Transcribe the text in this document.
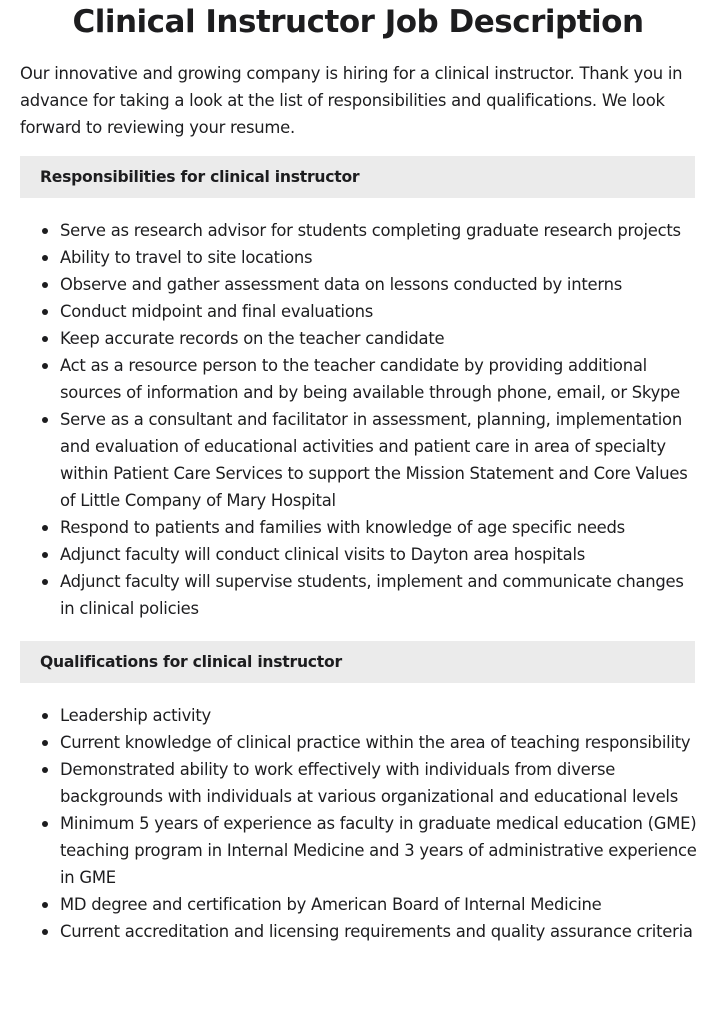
Clinical Instructor Job Description

Our innovative and growing company is hiring for a clinical instructor. Thank you in advance for taking a look at the list of responsibilities and qualifications. We look forward to reviewing your resume.

Responsibilities for clinical instructor
Serve as research advisor for students completing graduate research projects
Ability to travel to site locations
Observe and gather assessment data on lessons conducted by interns
Conduct midpoint and final evaluations
Keep accurate records on the teacher candidate
Act as a resource person to the teacher candidate by providing additional sources of information and by being available through phone, email, or Skype
Serve as a consultant and facilitator in assessment, planning, implementation and evaluation of educational activities and patient care in area of specialty within Patient Care Services to support the Mission Statement and Core Values of Little Company of Mary Hospital
Respond to patients and families with knowledge of age specific needs
Adjunct faculty will conduct clinical visits to Dayton area hospitals
Adjunct faculty will supervise students, implement and communicate changes in clinical policies
Qualifications for clinical instructor
Leadership activity
Current knowledge of clinical practice within the area of teaching responsibility
Demonstrated ability to work effectively with individuals from diverse backgrounds with individuals at various organizational and educational levels
Minimum 5 years of experience as faculty in graduate medical education (GME) teaching program in Internal Medicine and 3 years of administrative experience in GME
MD degree and certification by American Board of Internal Medicine
Current accreditation and licensing requirements and quality assurance criteria
